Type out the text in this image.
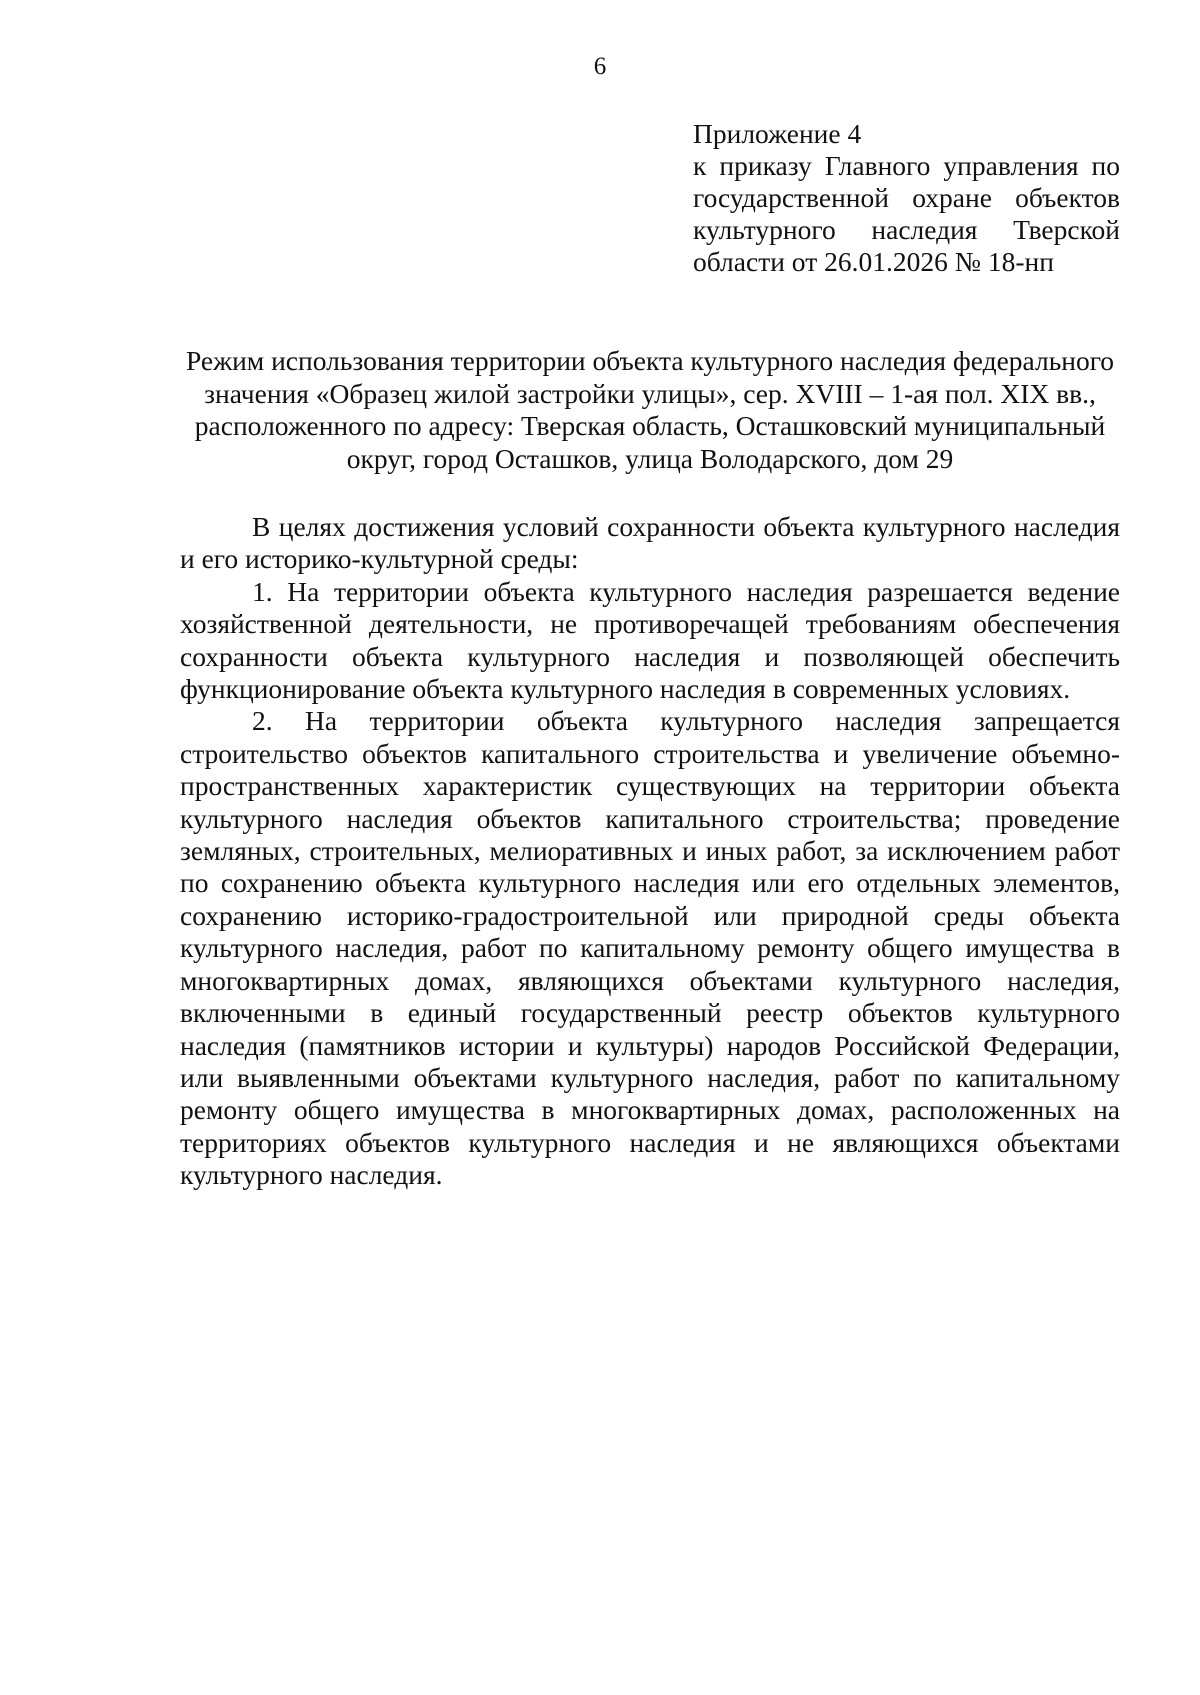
6
Приложение 4
к приказу Главного управления по государственной охране объектов культурного наследия Тверской области от 26.01.2026 № 18-нп
Режим использования территории объекта культурного наследия федерального значения «Образец жилой застройки улицы», сер. XVIII – 1-ая пол. XIX вв., расположенного по адресу: Тверская область, Осташковский муниципальный округ, город Осташков, улица Володарского, дом 29

В целях достижения условий сохранности объекта культурного наследия и его историко-культурной среды:

1. На территории объекта культурного наследия разрешается ведение хозяйственной деятельности, не противоречащей требованиям обеспечения сохранности объекта культурного наследия и позволяющей обеспечить функционирование объекта культурного наследия в современных условиях.

2. На территории объекта культурного наследия запрещается строительство объектов капитального строительства и увеличение объемно-пространственных характеристик существующих на территории объекта культурного наследия объектов капитального строительства; проведение земляных, строительных, мелиоративных и иных работ, за исключением работ по сохранению объекта культурного наследия или его отдельных элементов, сохранению историко-градостроительной или природной среды объекта культурного наследия, работ по капитальному ремонту общего имущества в многоквартирных домах, являющихся объектами культурного наследия, включенными в единый государственный реестр объектов культурного наследия (памятников истории и культуры) народов Российской Федерации, или выявленными объектами культурного наследия, работ по капитальному ремонту общего имущества в многоквартирных домах, расположенных на территориях объектов культурного наследия и не являющихся объектами культурного наследия.
